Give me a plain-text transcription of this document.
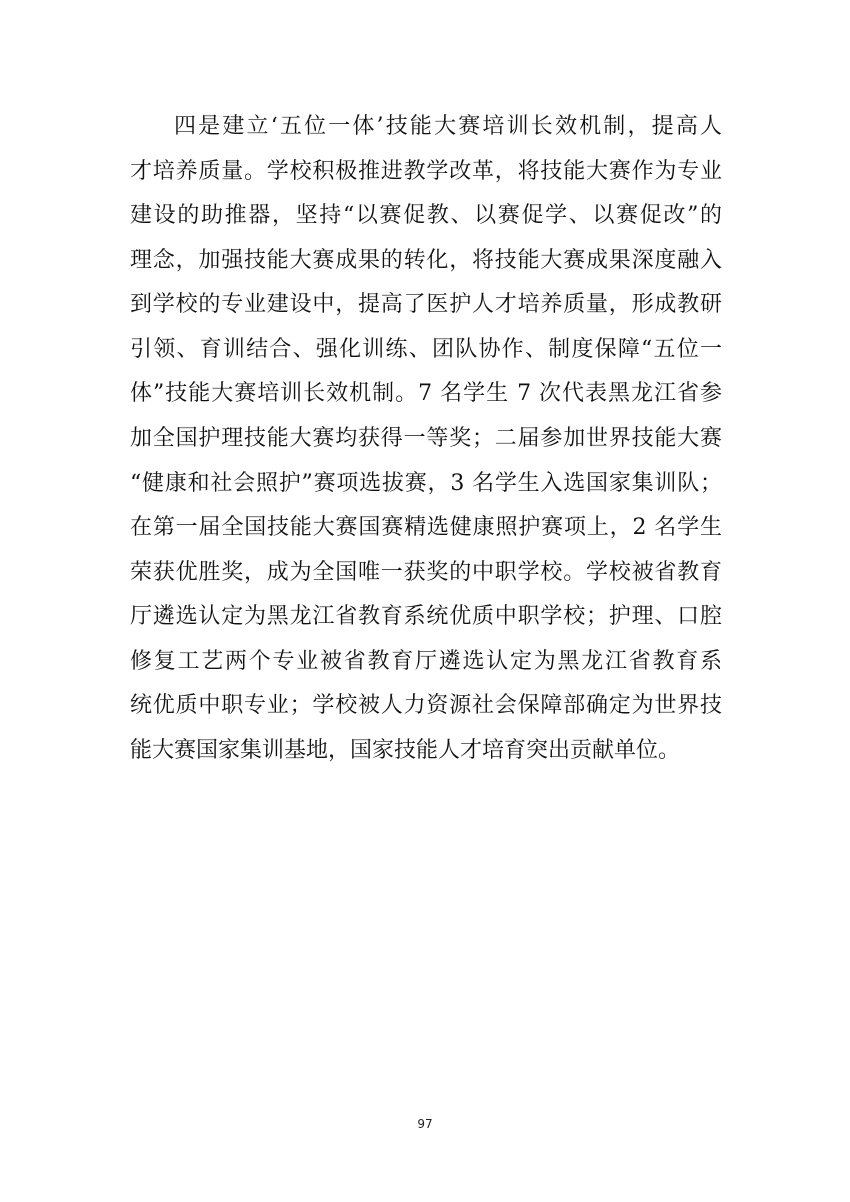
四是建立‘五位一体’技能大赛培训长效机制，提高人
才培养质量。学校积极推进教学改革，将技能大赛作为专业
建设的助推器，坚持“以赛促教、以赛促学、以赛促改”的
理念，加强技能大赛成果的转化，将技能大赛成果深度融入
到学校的专业建设中，提高了医护人才培养质量，形成教研
引领、育训结合、强化训练、团队协作、制度保障“五位一
体”技能大赛培训长效机制。7 名学生 7 次代表黑龙江省参
加全国护理技能大赛均获得一等奖；二届参加世界技能大赛
“健康和社会照护”赛项选拔赛，3 名学生入选国家集训队；
在第一届全国技能大赛国赛精选健康照护赛项上，2 名学生
荣获优胜奖，成为全国唯一获奖的中职学校。学校被省教育
厅遴选认定为黑龙江省教育系统优质中职学校；护理、口腔
修复工艺两个专业被省教育厅遴选认定为黑龙江省教育系
统优质中职专业；学校被人力资源社会保障部确定为世界技
能大赛国家集训基地，国家技能人才培育突出贡献单位。
97
